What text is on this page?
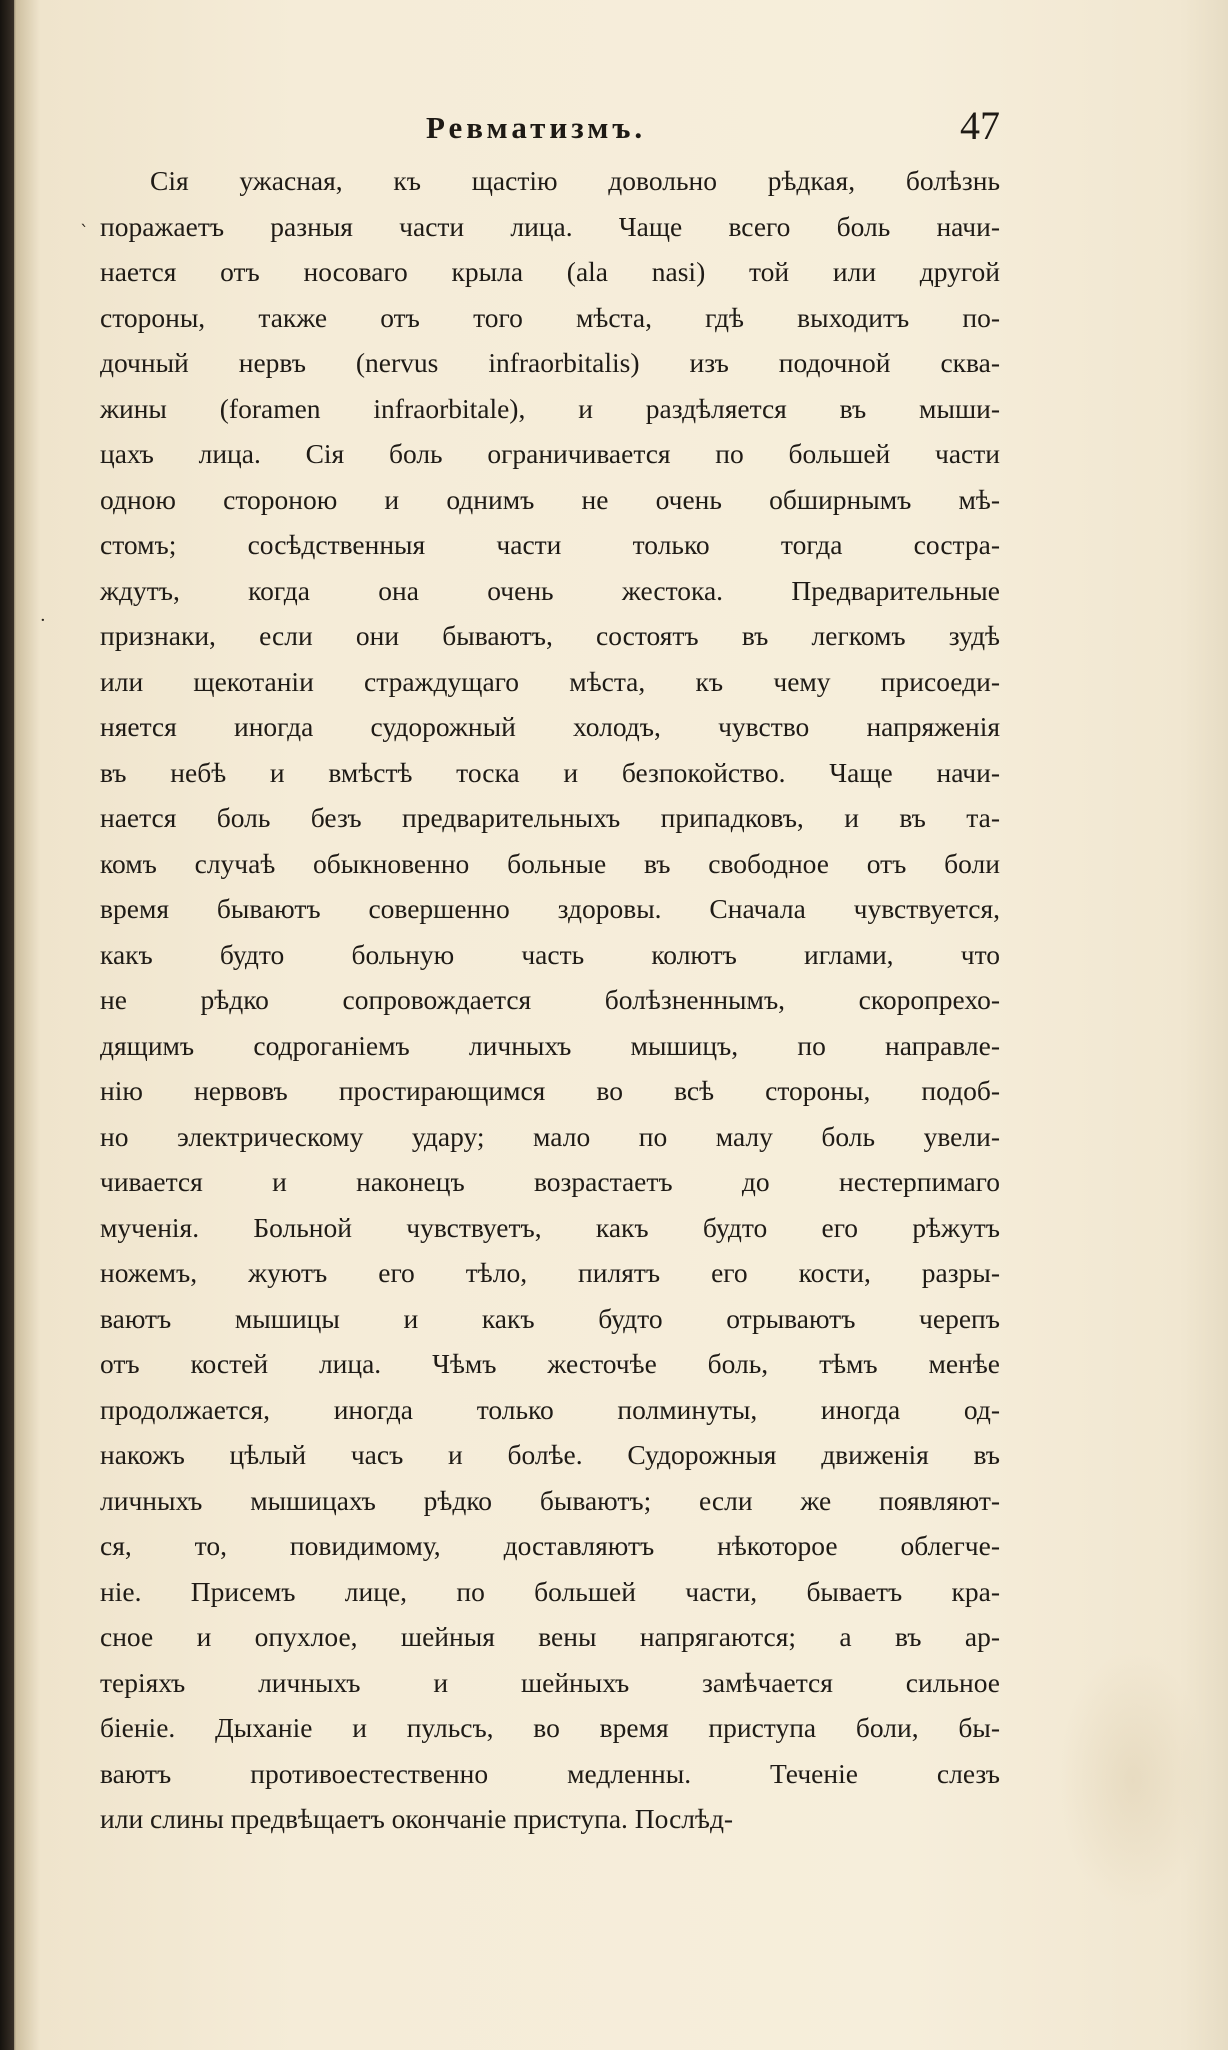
Ревматизмъ.	47
`
·
Сія ужасная, къ щастію довольно рѣдкая, болѣзнь
поражаетъ разныя части лица. Чаще всего боль начи-
нается отъ носоваго крыла (ala nasi) той или другой
стороны, также отъ того мѣста, гдѣ выходитъ по-
дочный нервъ (nervus infraorbitalis) изъ подочной сква-
жины (foramen infraorbitale), и раздѣляется въ мыши-
цахъ лица. Сія боль ограничивается по большей части
одною стороною и однимъ не очень обширнымъ мѣ-
стомъ; сосѣдственныя части только тогда состра-
ждутъ, когда она очень жестока. Предварительные
признаки, если они бываютъ, состоятъ въ легкомъ зудѣ
или щекотаніи страждущаго мѣста, къ чему присоеди-
няется иногда судорожный холодъ, чувство напряженія
въ небѣ и вмѣстѣ тоска и безпокойство. Чаще начи-
нается боль безъ предварительныхъ припадковъ, и въ та-
комъ случаѣ обыкновенно больные въ свободное отъ боли
время бываютъ совершенно здоровы. Сначала чувствуется,
какъ будто больную часть колютъ иглами, что
не рѣдко сопровождается болѣзненнымъ, скоропрехо-
дящимъ содроганіемъ личныхъ мышицъ, по направле-
нію нервовъ простирающимся во всѣ стороны, подоб-
но электрическому удару; мало по малу боль увели-
чивается и наконецъ возрастаетъ до нестерпимаго
мученія. Больной чувствуетъ, какъ будто его рѣжутъ
ножемъ, жуютъ его тѣло, пилятъ его кости, разры-
ваютъ мышицы и какъ будто отрываютъ черепъ
отъ костей лица. Чѣмъ жесточѣе боль, тѣмъ менѣе
продолжается, иногда только полминуты, иногда од-
накожъ цѣлый часъ и болѣе. Судорожныя движенія въ
личныхъ мышицахъ рѣдко бываютъ; если же появляют-
ся, то, повидимому, доставляютъ нѣкоторое облегче-
ніе. Присемъ лице, по большей части, бываетъ кра-
сное и опухлое, шейныя вены напрягаются; а въ ар-
теріяхъ личныхъ и шейныхъ замѣчается сильное
біеніе. Дыханіе и пульсъ, во время приступа боли, бы-
ваютъ противоестественно медленны. Теченіе слезъ
или слины предвѣщаетъ окончаніе приступа. Послѣд-
